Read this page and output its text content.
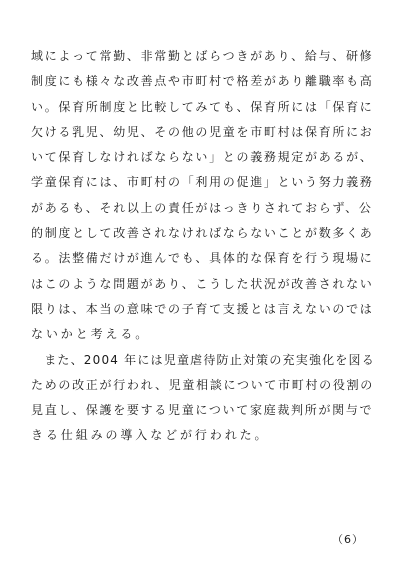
域によって常勤、非常勤とばらつきがあり、給与、研修
制度にも様々な改善点や市町村で格差があり離職率も高
い。保育所制度と比較してみても、保育所には「保育に
欠ける乳児、幼児、その他の児童を市町村は保育所にお
いて保育しなければならない」との義務規定があるが、
学童保育には、市町村の「利用の促進」という努力義務
があるも、それ以上の責任がはっきりされておらず、公
的制度として改善されなければならないことが数多くあ
る。法整備だけが進んでも、具体的な保育を行う現場に
はこのような問題があり、こうした状況が改善されない
限りは、本当の意味での子育て支援とは言えないのでは
ないかと考える。
　また、2004 年には児童虐待防止対策の充実強化を図る
ための改正が行われ、児童相談について市町村の役割の
見直し、保護を要する児童について家庭裁判所が関与で
きる仕組みの導入などが行われた。
（6）
